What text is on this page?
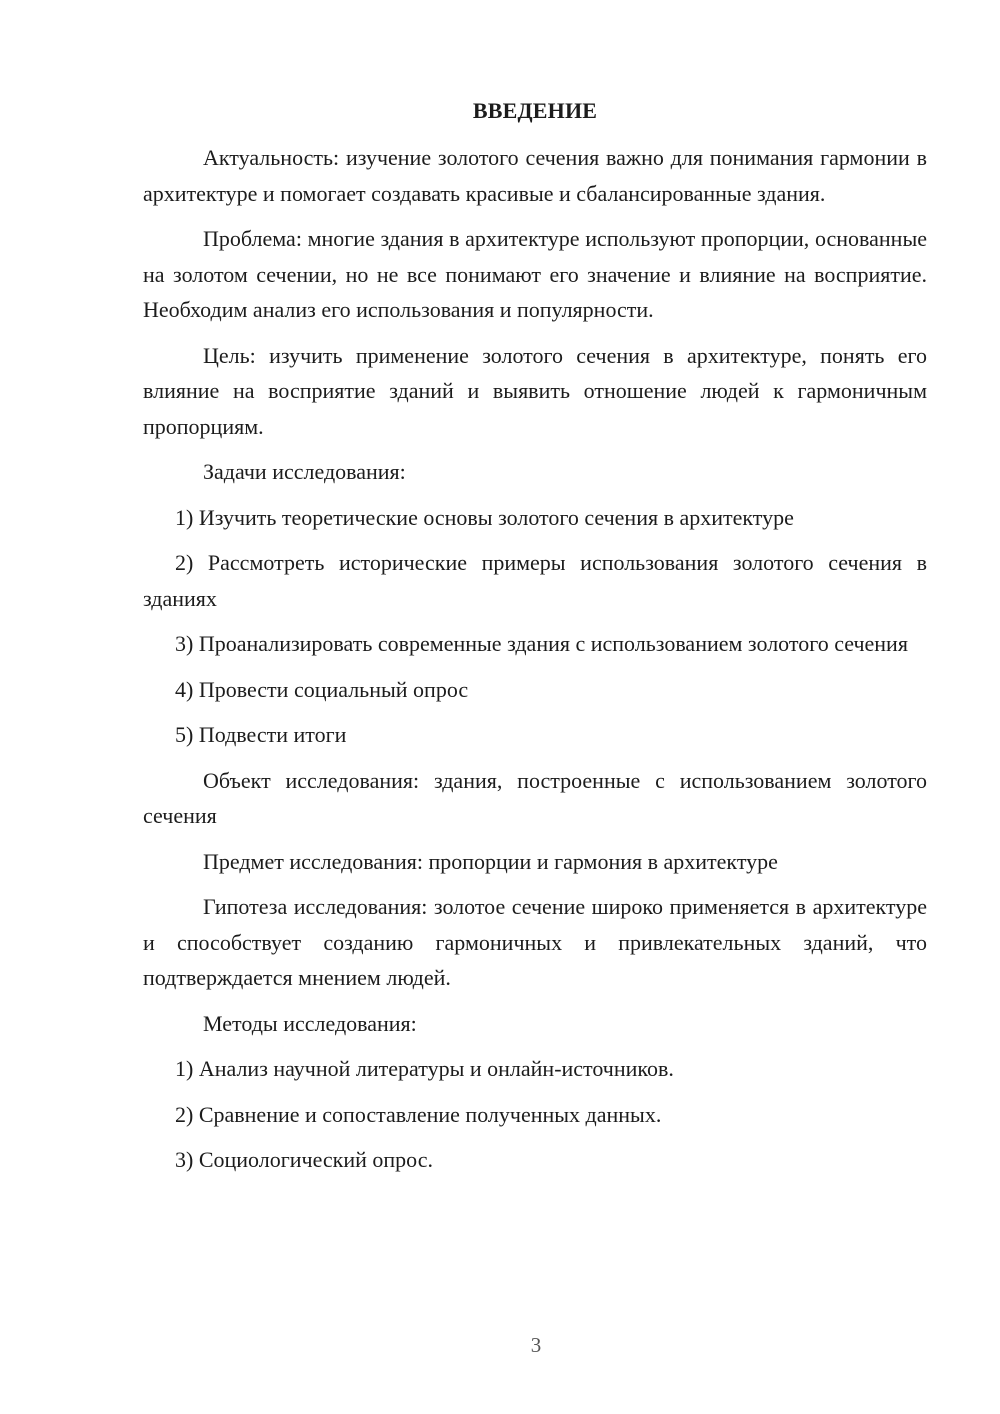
ВВЕДЕНИЕ
Актуальность: изучение золотого сечения важно для понимания гармонии в архитектуре и помогает создавать красивые и сбалансированные здания.
Проблема: многие здания в архитектуре используют пропорции, основанные на золотом сечении, но не все понимают его значение и влияние на восприятие. Необходим анализ его использования и популярности.
Цель: изучить применение золотого сечения в архитектуре, понять его влияние на восприятие зданий и выявить отношение людей к гармоничным пропорциям.
Задачи исследования:
1) Изучить теоретические основы золотого сечения в архитектуре
2) Рассмотреть исторические примеры использования золотого сечения в зданиях
3) Проанализировать современные здания с использованием золотого сечения
4) Провести социальный опрос
5) Подвести итоги
Объект исследования: здания, построенные с использованием золотого сечения
Предмет исследования: пропорции и гармония в архитектуре
Гипотеза исследования: золотое сечение широко применяется в архитектуре и способствует созданию гармоничных и привлекательных зданий, что подтверждается мнением людей.
Методы исследования:
1) Анализ научной литературы и онлайн-источников.
2) Сравнение и сопоставление полученных данных.
3) Социологический опрос.
3
